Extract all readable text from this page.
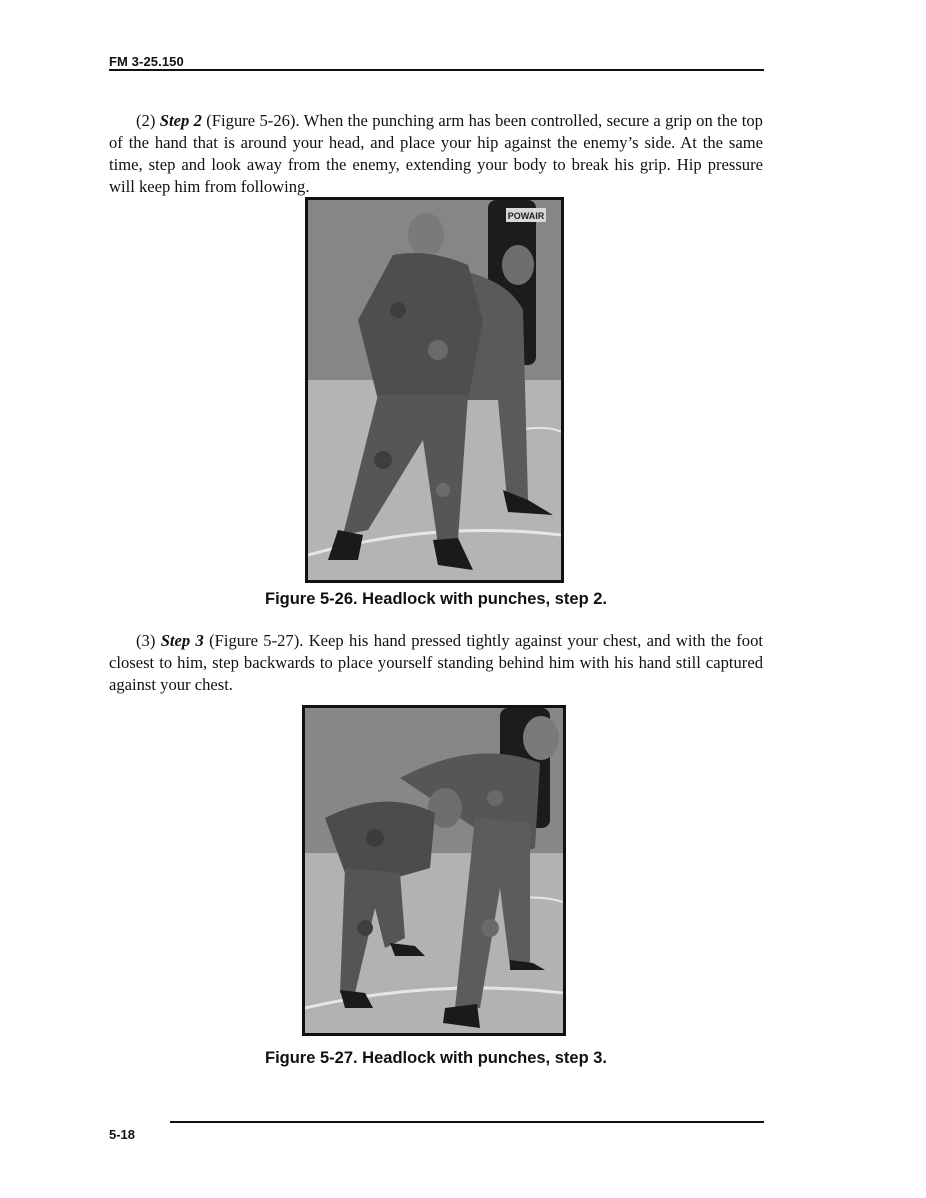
FM 3-25.150

(2) Step 2 (Figure 5-26). When the punching arm has been controlled, secure a grip on the top of the hand that is around your head, and place your hip against the enemy’s side. At the same time, step and look away from the enemy, extending your body to break his grip. Hip pressure will keep him from following.

POWAIR
Figure 5-26. Headlock with punches, step 2.

(3) Step 3 (Figure 5-27). Keep his hand pressed tightly against your chest, and with the foot closest to him, step backwards to place yourself standing behind him with his hand still captured against your chest.

Figure 5-27. Headlock with punches, step 3.
5-18
